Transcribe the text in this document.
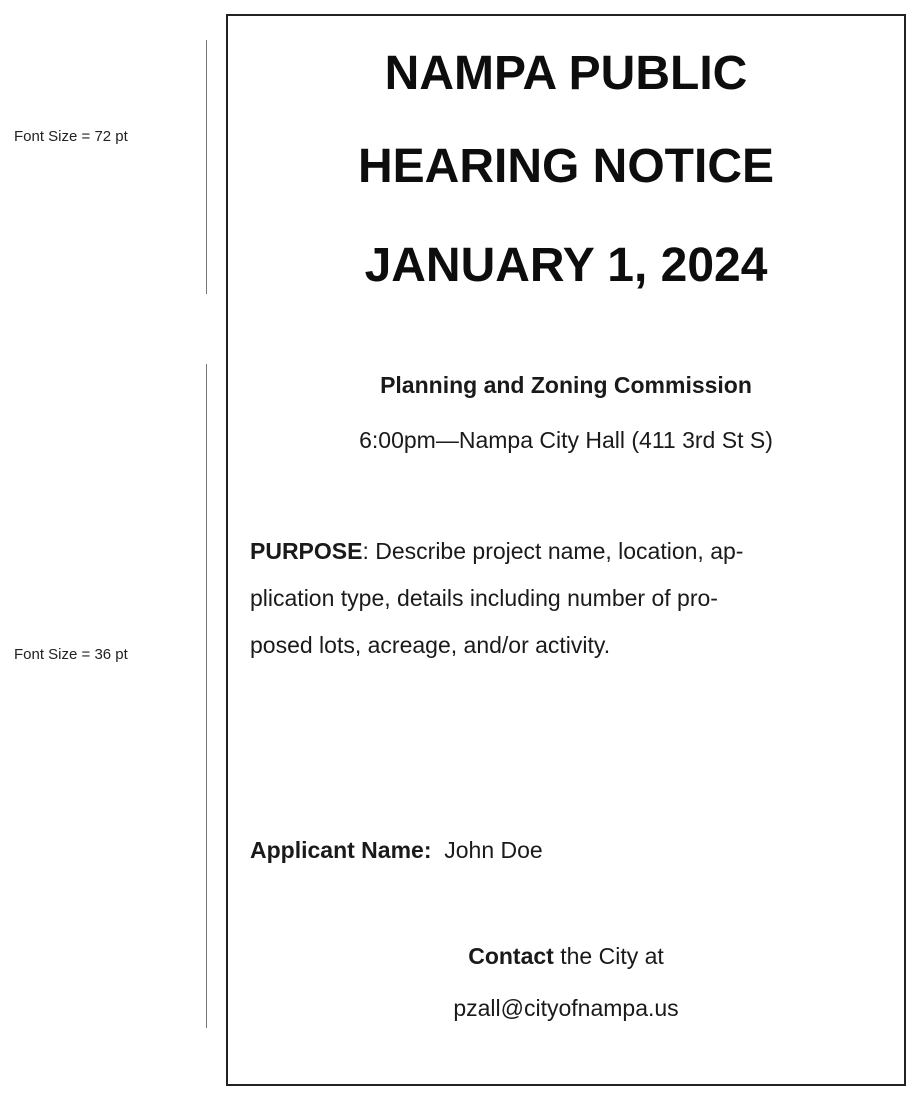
Font Size = 72 pt
Font Size = 36 pt
NAMPA PUBLIC
HEARING NOTICE
JANUARY 1, 2024
Planning and Zoning Commission
6:00pm—Nampa City Hall (411 3rd St S)
PURPOSE: Describe project name, location, ap-
plication type, details including number of pro-
posed lots, acreage, and/or activity.
Applicant Name: John Doe
Contact the City at
pzall@cityofnampa.us
